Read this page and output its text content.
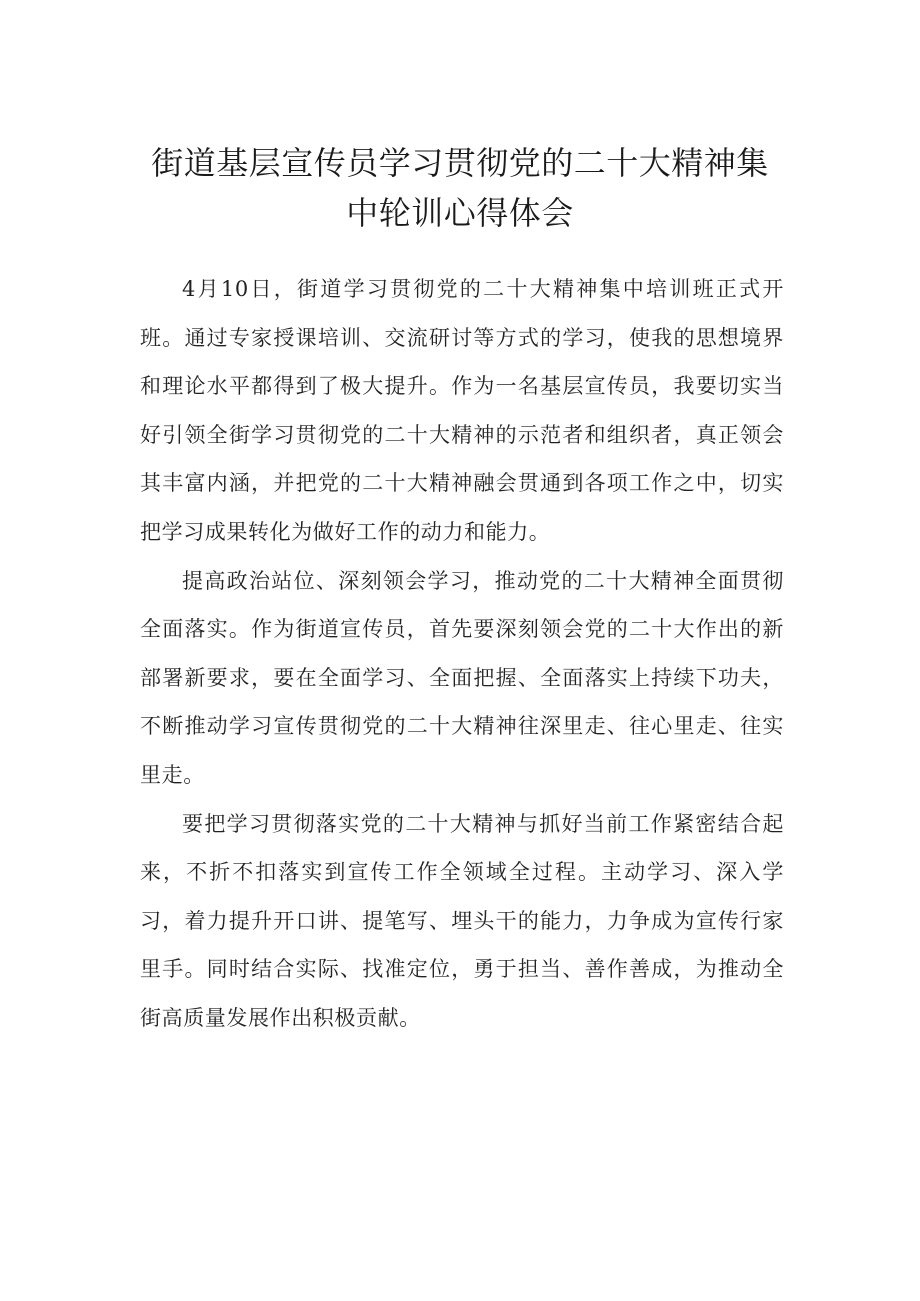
街道基层宣传员学习贯彻党的二十大精神集
中轮训心得体会

4月10日，街道学习贯彻党的二十大精神集中培训班正式开班。通过专家授课培训、交流研讨等方式的学习，使我的思想境界和理论水平都得到了极大提升。作为一名基层宣传员，我要切实当好引领全街学习贯彻党的二十大精神的示范者和组织者，真正领会其丰富内涵，并把党的二十大精神融会贯通到各项工作之中，切实把学习成果转化为做好工作的动力和能力。

提高政治站位、深刻领会学习，推动党的二十大精神全面贯彻全面落实。作为街道宣传员，首先要深刻领会党的二十大作出的新部署新要求，要在全面学习、全面把握、全面落实上持续下功夫，不断推动学习宣传贯彻党的二十大精神往深里走、往心里走、往实里走。

要把学习贯彻落实党的二十大精神与抓好当前工作紧密结合起来，不折不扣落实到宣传工作全领域全过程。主动学习、深入学习，着力提升开口讲、提笔写、埋头干的能力，力争成为宣传行家里手。同时结合实际、找准定位，勇于担当、善作善成，为推动全街高质量发展作出积极贡献。
